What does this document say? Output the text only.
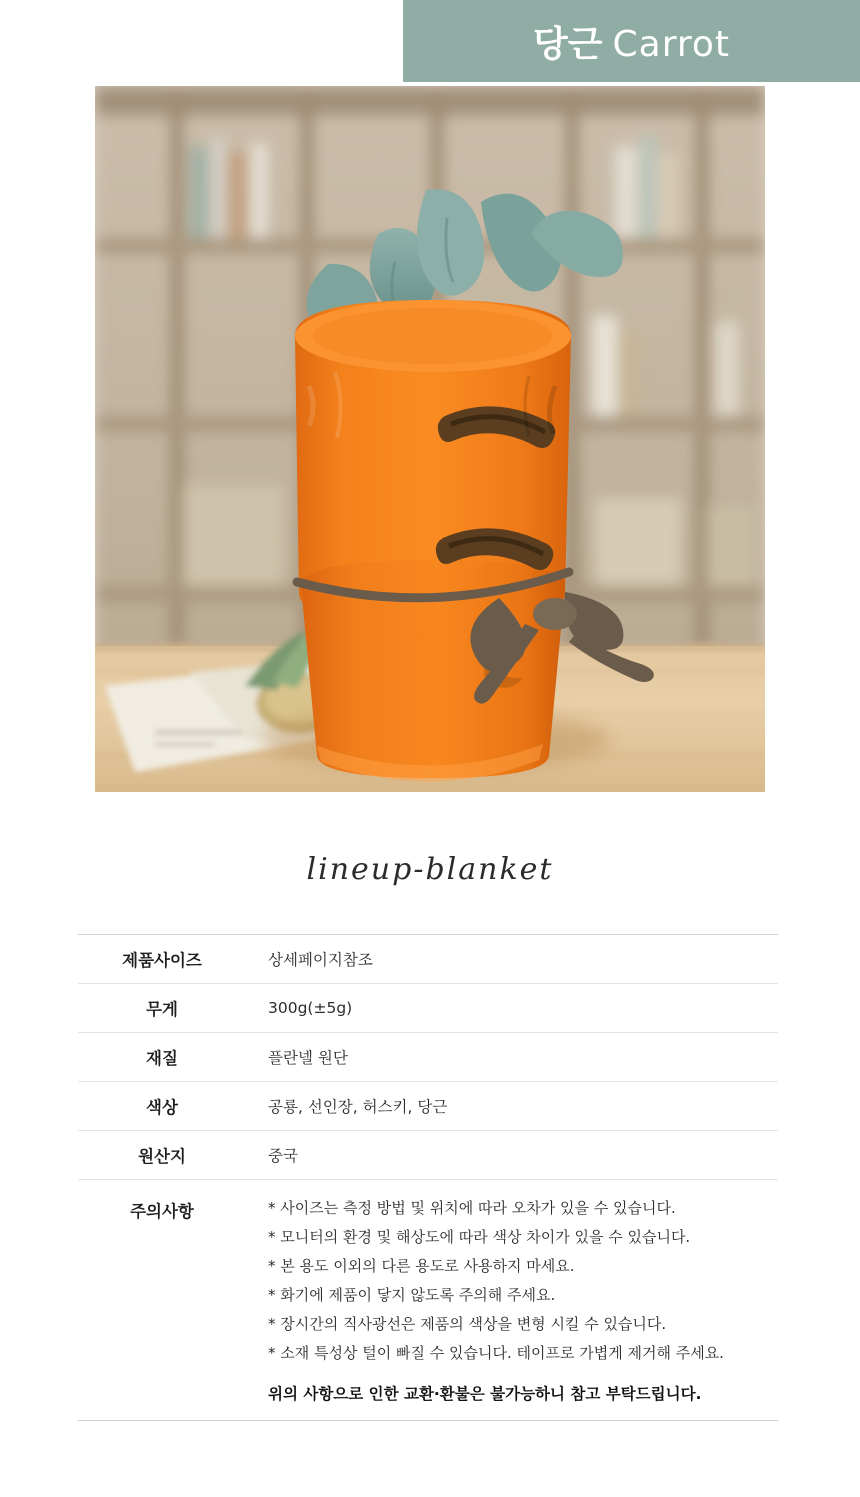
당근 Carrot
lineup-blanket
제품사이즈	상세페이지참조
무게	300g(±5g)
재질	플란넬 원단
색상	공룡, 선인장, 허스키, 당근
원산지	중국
주의사항	* 사이즈는 측정 방법 및 위치에 따라 오차가 있을 수 있습니다.
* 모니터의 환경 및 해상도에 따라 색상 차이가 있을 수 있습니다.
* 본 용도 이외의 다른 용도로 사용하지 마세요.
* 화기에 제품이 닿지 않도록 주의해 주세요.
* 장시간의 직사광선은 제품의 색상을 변형 시킬 수 있습니다.
* 소재 특성상 털이 빠질 수 있습니다. 테이프로 가볍게 제거해 주세요.
위의 사항으로 인한 교환·환불은 불가능하니 참고 부탁드립니다.
